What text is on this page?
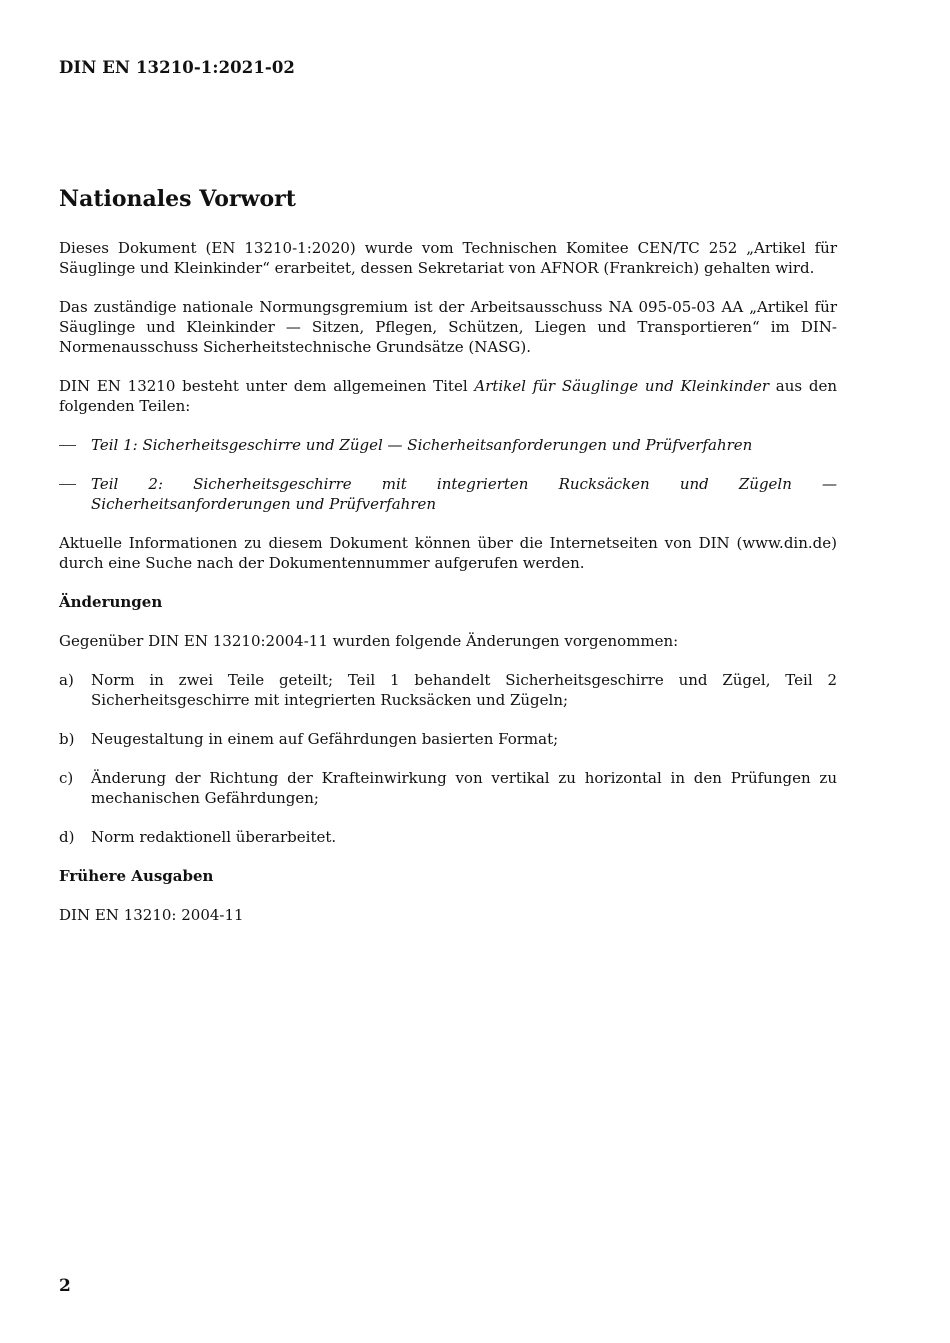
DIN EN 13210-1:2021-02
Nationales Vorwort

Dieses Dokument (EN 13210-1:2020) wurde vom Technischen Komitee CEN/TC 252 „Artikel für Säuglinge und Kleinkinder“ erarbeitet, dessen Sekretariat von AFNOR (Frankreich) gehalten wird.

Das zuständige nationale Normungsgremium ist der Arbeitsausschuss NA 095-05-03 AA „Artikel für Säuglinge und Kleinkinder — Sitzen, Pflegen, Schützen, Liegen und Transportieren“ im DIN-Normenausschuss Sicherheitstechnische Grundsätze (NASG).

DIN EN 13210 besteht unter dem allgemeinen Titel Artikel für Säuglinge und Kleinkinder aus den folgenden Teilen:

Teil 1: Sicherheitsgeschirre und Zügel — Sicherheitsanforderungen und Prüfverfahren
Teil 2: Sicherheitsgeschirre mit integrierten Rucksäcken und Zügeln — Sicherheitsanforderungen und Prüfverfahren

Aktuelle Informationen zu diesem Dokument können über die Internetseiten von DIN (www.din.de) durch eine Suche nach der Dokumentennummer aufgerufen werden.

Änderungen

Gegenüber DIN EN 13210:2004-11 wurden folgende Änderungen vorgenommen:

a)	Norm in zwei Teile geteilt; Teil 1 behandelt Sicherheitsgeschirre und Zügel, Teil 2 Sicherheitsgeschirre mit integrierten Rucksäcken und Zügeln;
b)	Neugestaltung in einem auf Gefährdungen basierten Format;
c)	Änderung der Richtung der Krafteinwirkung von vertikal zu horizontal in den Prüfungen zu mechanischen Gefährdungen;
d)	Norm redaktionell überarbeitet.

Frühere Ausgaben

DIN EN 13210: 2004-11

2
